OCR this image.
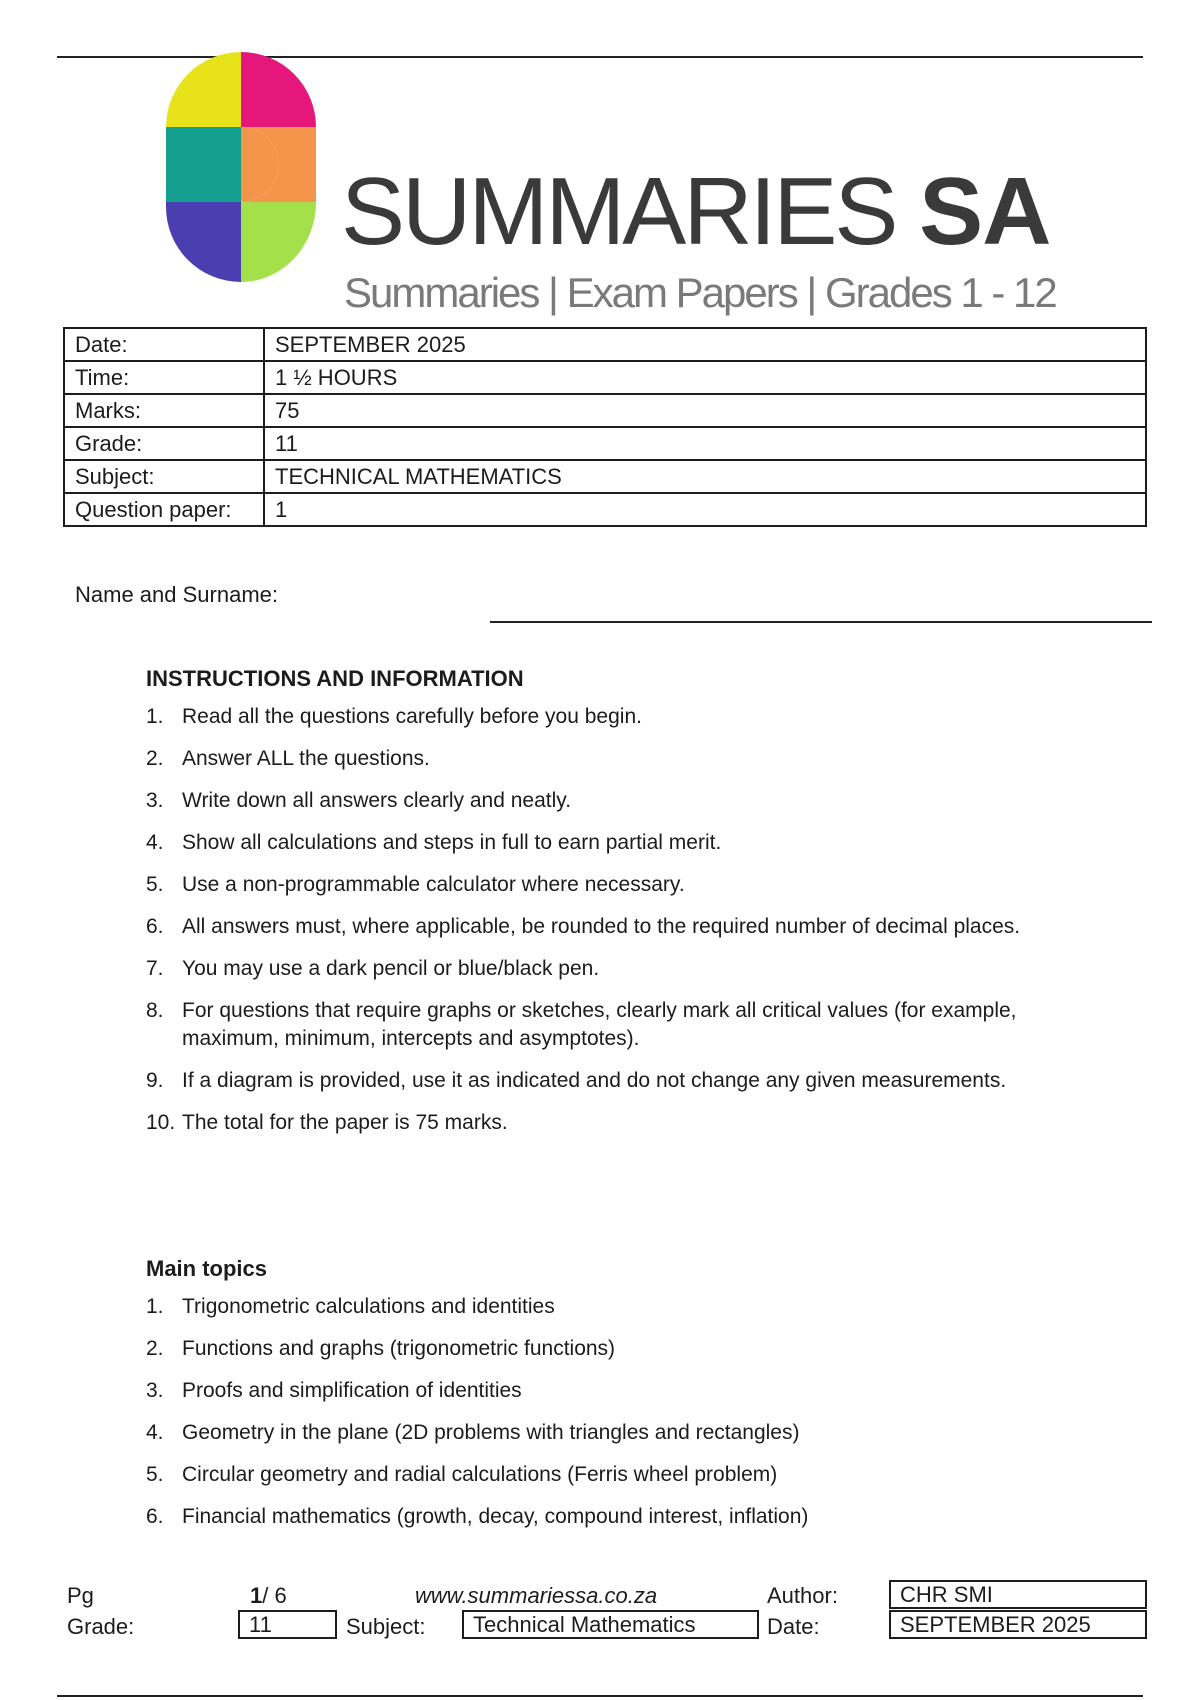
SUMMARIES SA
Summaries | Exam Papers | Grades 1 - 12
Date:	SEPTEMBER 2025
Time:	1 ½ HOURS
Marks:	75
Grade:	11
Subject:	TECHNICAL MATHEMATICS
Question paper:	1
Name and Surname:
INSTRUCTIONS AND INFORMATION
1. Read all the questions carefully before you begin.
2. Answer ALL the questions.
3. Write down all answers clearly and neatly.
4. Show all calculations and steps in full to earn partial merit.
5. Use a non-programmable calculator where necessary.
6. All answers must, where applicable, be rounded to the required number of decimal places.
7. You may use a dark pencil or blue/black pen.
8. For questions that require graphs or sketches, clearly mark all critical values (for example, maximum, minimum, intercepts and asymptotes).
9. If a diagram is provided, use it as indicated and do not change any given measurements.
10. The total for the paper is 75 marks.
Main topics
1. Trigonometric calculations and identities
2. Functions and graphs (trigonometric functions)
3. Proofs and simplification of identities
4. Geometry in the plane (2D problems with triangles and rectangles)
5. Circular geometry and radial calculations (Ferris wheel problem)
6. Financial mathematics (growth, decay, compound interest, inflation)
Pg	1/ 6	www.summariessa.co.za	Author:	CHR SMI
Grade:	11	Subject:	Technical Mathematics	Date:	SEPTEMBER 2025
